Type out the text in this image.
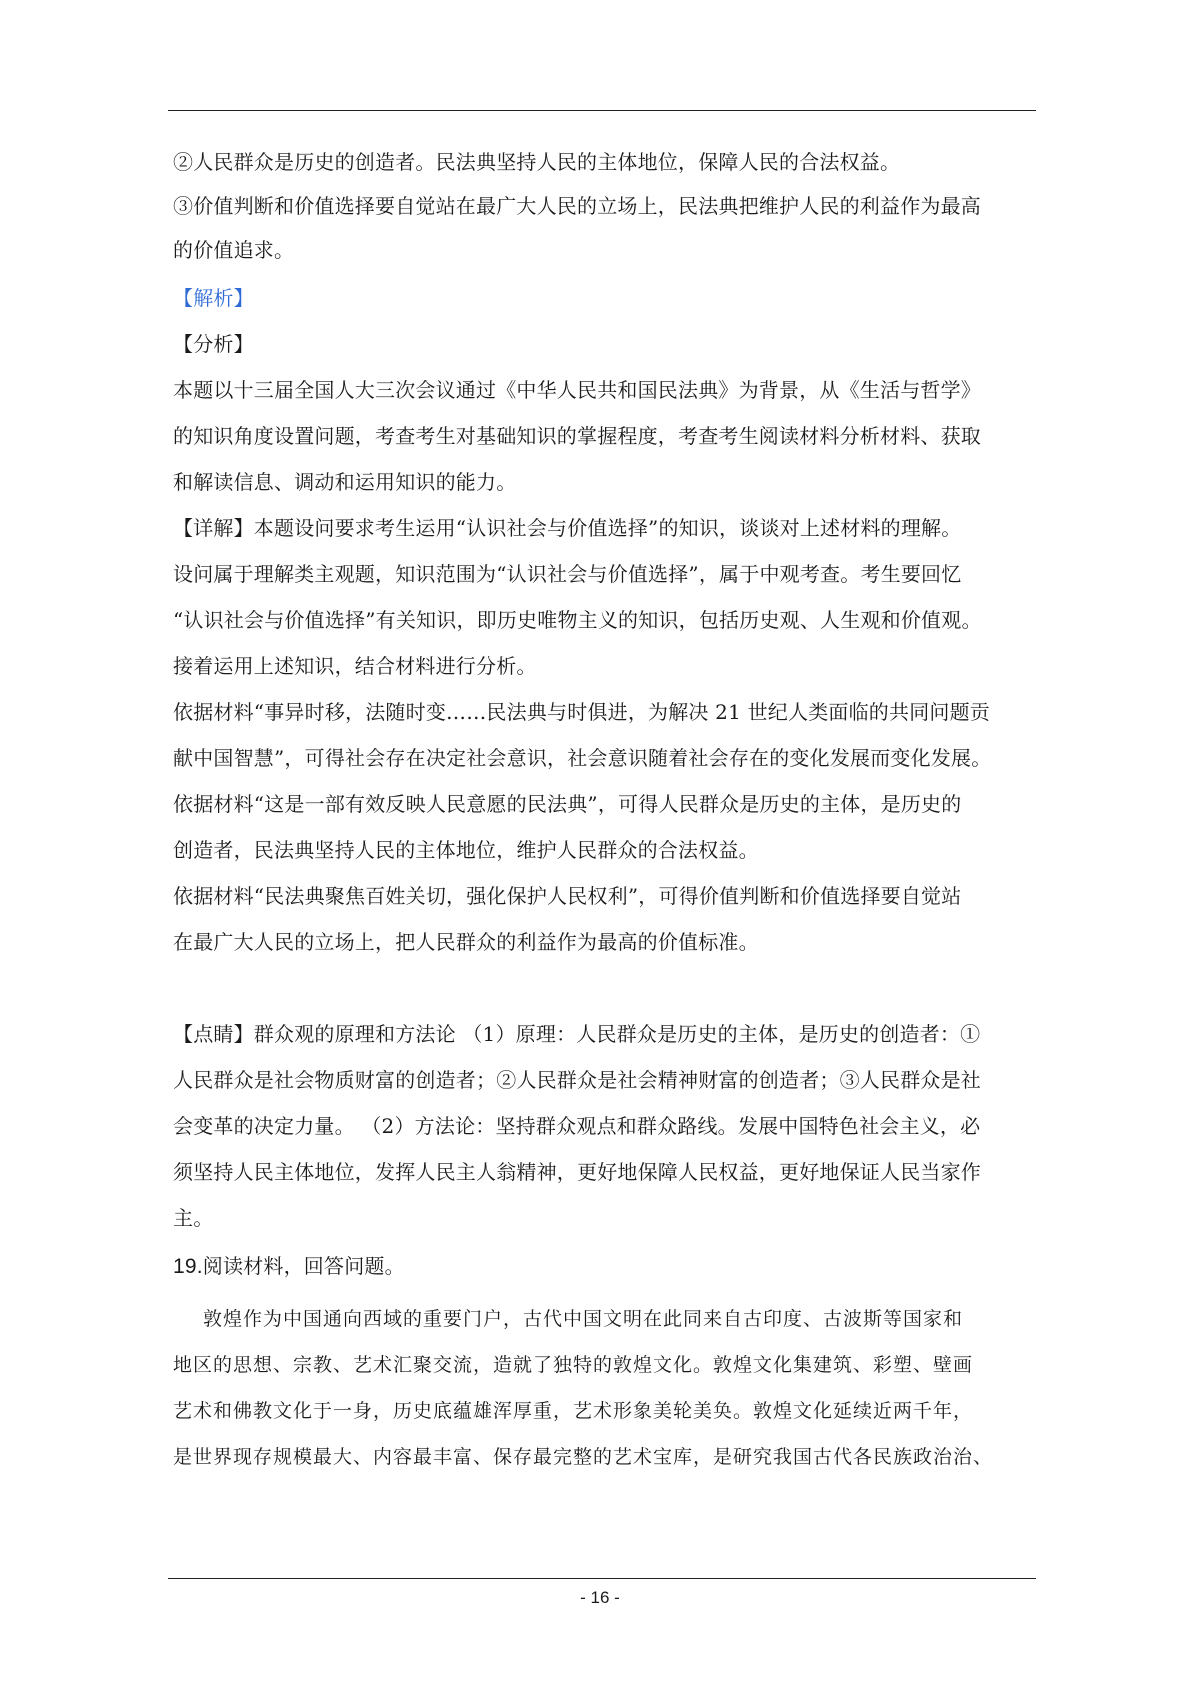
②人民群众是历史的创造者。民法典坚持人民的主体地位，保障人民的合法权益。

③价值判断和价值选择要自觉站在最广大人民的立场上，民法典把维护人民的利益作为最高

的价值追求。

【解析】

【分析】

本题以十三届全国人大三次会议通过《中华人民共和国民法典》为背景，从《生活与哲学》

的知识角度设置问题，考查考生对基础知识的掌握程度，考查考生阅读材料分析材料、获取

和解读信息、调动和运用知识的能力。

【详解】本题设问要求考生运用“认识社会与价值选择”的知识，谈谈对上述材料的理解。

设问属于理解类主观题，知识范围为“认识社会与价值选择”，属于中观考查。考生要回忆

“认识社会与价值选择”有关知识，即历史唯物主义的知识，包括历史观、人生观和价值观。

接着运用上述知识，结合材料进行分析。

依据材料“事异时移，法随时变……民法典与时俱进，为解决 21 世纪人类面临的共同问题贡

献中国智慧”，可得社会存在决定社会意识，社会意识随着社会存在的变化发展而变化发展。

依据材料“这是一部有效反映人民意愿的民法典”，可得人民群众是历史的主体，是历史的

创造者，民法典坚持人民的主体地位，维护人民群众的合法权益。

依据材料“民法典聚焦百姓关切，强化保护人民权利”，可得价值判断和价值选择要自觉站

在最广大人民的立场上，把人民群众的利益作为最高的价值标准。

【点睛】群众观的原理和方法论 （1）原理：人民群众是历史的主体，是历史的创造者：①

人民群众是社会物质财富的创造者；②人民群众是社会精神财富的创造者；③人民群众是社

会变革的决定力量。 （2）方法论：坚持群众观点和群众路线。发展中国特色社会主义，必

须坚持人民主体地位，发挥人民主人翁精神，更好地保障人民权益，更好地保证人民当家作

主。

19.阅读材料，回答问题。

敦煌作为中国通向西域的重要门户，古代中国文明在此同来自古印度、古波斯等国家和

地区的思想、宗教、艺术汇聚交流，造就了独特的敦煌文化。敦煌文化集建筑、彩塑、壁画

艺术和佛教文化于一身，历史底蕴雄浑厚重，艺术形象美轮美奂。敦煌文化延续近两千年，

是世界现存规模最大、内容最丰富、保存最完整的艺术宝库，是研究我国古代各民族政治治、

- 16 -
